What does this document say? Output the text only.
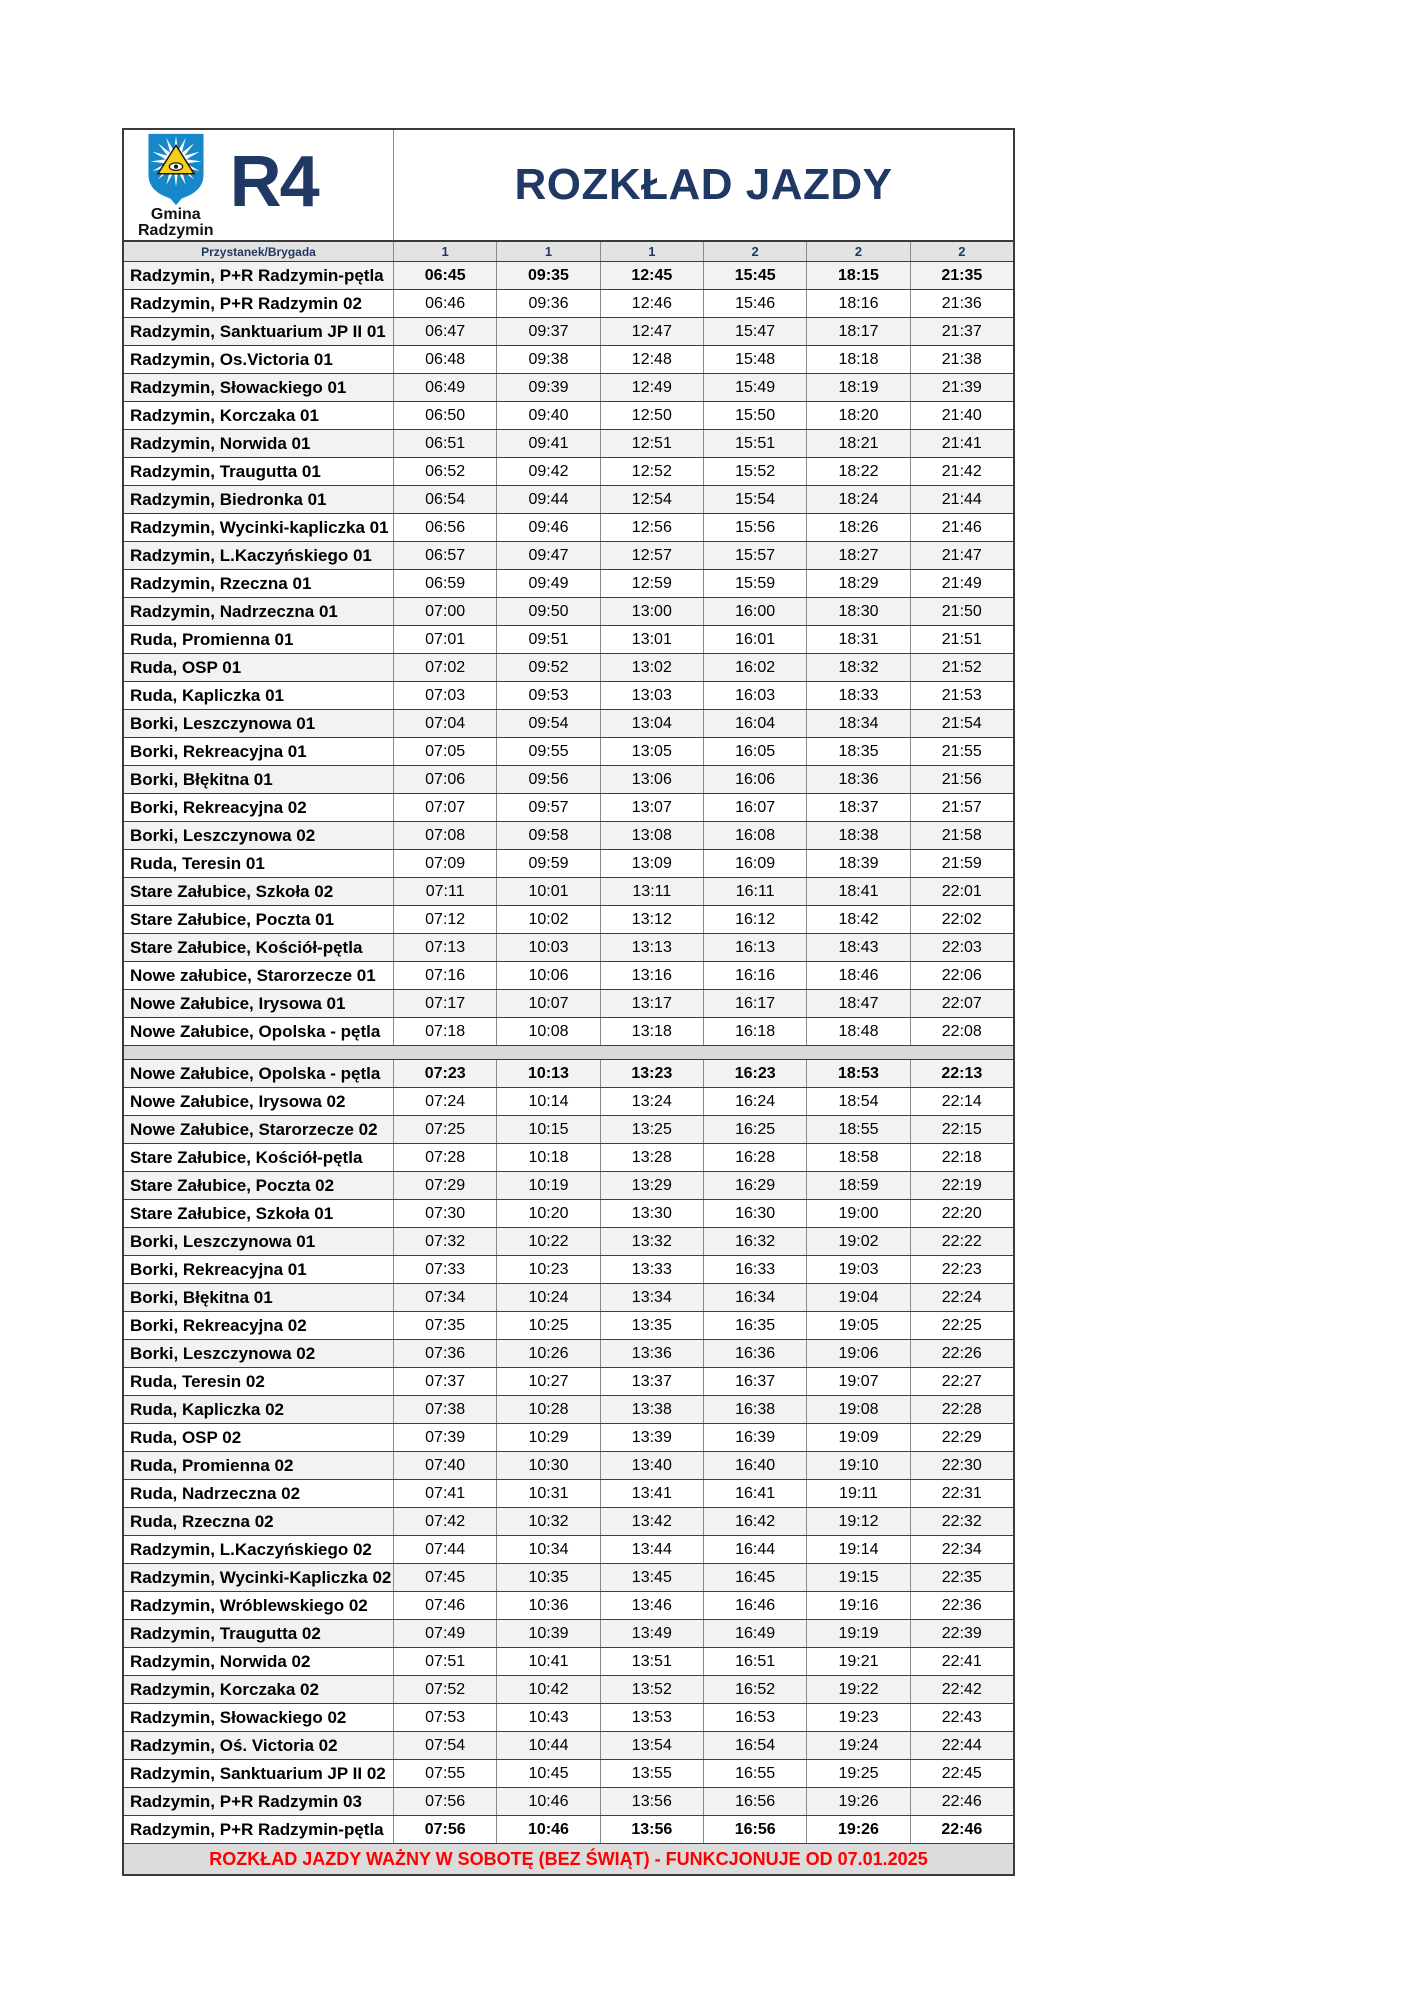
Gmina
Radzymin
R4	ROZKŁAD JAZDY
Przystanek/Brygada	1	1	1	2	2	2
Radzymin, P+R Radzymin-pętla	06:45	09:35	12:45	15:45	18:15	21:35
Radzymin, P+R Radzymin 02	06:46	09:36	12:46	15:46	18:16	21:36
Radzymin, Sanktuarium JP II 01	06:47	09:37	12:47	15:47	18:17	21:37
Radzymin, Os.Victoria 01	06:48	09:38	12:48	15:48	18:18	21:38
Radzymin, Słowackiego 01	06:49	09:39	12:49	15:49	18:19	21:39
Radzymin, Korczaka 01	06:50	09:40	12:50	15:50	18:20	21:40
Radzymin, Norwida 01	06:51	09:41	12:51	15:51	18:21	21:41
Radzymin, Traugutta 01	06:52	09:42	12:52	15:52	18:22	21:42
Radzymin, Biedronka 01	06:54	09:44	12:54	15:54	18:24	21:44
Radzymin, Wycinki-kapliczka 01	06:56	09:46	12:56	15:56	18:26	21:46
Radzymin, L.Kaczyńskiego 01	06:57	09:47	12:57	15:57	18:27	21:47
Radzymin, Rzeczna 01	06:59	09:49	12:59	15:59	18:29	21:49
Radzymin, Nadrzeczna 01	07:00	09:50	13:00	16:00	18:30	21:50
Ruda, Promienna 01	07:01	09:51	13:01	16:01	18:31	21:51
Ruda, OSP 01	07:02	09:52	13:02	16:02	18:32	21:52
Ruda, Kapliczka 01	07:03	09:53	13:03	16:03	18:33	21:53
Borki, Leszczynowa 01	07:04	09:54	13:04	16:04	18:34	21:54
Borki, Rekreacyjna 01	07:05	09:55	13:05	16:05	18:35	21:55
Borki, Błękitna 01	07:06	09:56	13:06	16:06	18:36	21:56
Borki, Rekreacyjna 02	07:07	09:57	13:07	16:07	18:37	21:57
Borki, Leszczynowa 02	07:08	09:58	13:08	16:08	18:38	21:58
Ruda, Teresin 01	07:09	09:59	13:09	16:09	18:39	21:59
Stare Załubice, Szkoła 02	07:11	10:01	13:11	16:11	18:41	22:01
Stare Załubice, Poczta 01	07:12	10:02	13:12	16:12	18:42	22:02
Stare Załubice, Kościół-pętla	07:13	10:03	13:13	16:13	18:43	22:03
Nowe załubice, Starorzecze 01	07:16	10:06	13:16	16:16	18:46	22:06
Nowe Załubice, Irysowa 01	07:17	10:07	13:17	16:17	18:47	22:07
Nowe Załubice, Opolska - pętla	07:18	10:08	13:18	16:18	18:48	22:08
Nowe Załubice, Opolska - pętla	07:23	10:13	13:23	16:23	18:53	22:13
Nowe Załubice, Irysowa 02	07:24	10:14	13:24	16:24	18:54	22:14
Nowe Załubice, Starorzecze 02	07:25	10:15	13:25	16:25	18:55	22:15
Stare Załubice, Kościół-pętla	07:28	10:18	13:28	16:28	18:58	22:18
Stare Załubice, Poczta 02	07:29	10:19	13:29	16:29	18:59	22:19
Stare Załubice, Szkoła 01	07:30	10:20	13:30	16:30	19:00	22:20
Borki, Leszczynowa 01	07:32	10:22	13:32	16:32	19:02	22:22
Borki, Rekreacyjna 01	07:33	10:23	13:33	16:33	19:03	22:23
Borki, Błękitna 01	07:34	10:24	13:34	16:34	19:04	22:24
Borki, Rekreacyjna 02	07:35	10:25	13:35	16:35	19:05	22:25
Borki, Leszczynowa 02	07:36	10:26	13:36	16:36	19:06	22:26
Ruda, Teresin 02	07:37	10:27	13:37	16:37	19:07	22:27
Ruda, Kapliczka 02	07:38	10:28	13:38	16:38	19:08	22:28
Ruda, OSP 02	07:39	10:29	13:39	16:39	19:09	22:29
Ruda, Promienna 02	07:40	10:30	13:40	16:40	19:10	22:30
Ruda, Nadrzeczna 02	07:41	10:31	13:41	16:41	19:11	22:31
Ruda, Rzeczna 02	07:42	10:32	13:42	16:42	19:12	22:32
Radzymin, L.Kaczyńskiego 02	07:44	10:34	13:44	16:44	19:14	22:34
Radzymin, Wycinki-Kapliczka 02	07:45	10:35	13:45	16:45	19:15	22:35
Radzymin, Wróblewskiego 02	07:46	10:36	13:46	16:46	19:16	22:36
Radzymin, Traugutta 02	07:49	10:39	13:49	16:49	19:19	22:39
Radzymin, Norwida 02	07:51	10:41	13:51	16:51	19:21	22:41
Radzymin, Korczaka 02	07:52	10:42	13:52	16:52	19:22	22:42
Radzymin, Słowackiego 02	07:53	10:43	13:53	16:53	19:23	22:43
Radzymin, Oś. Victoria 02	07:54	10:44	13:54	16:54	19:24	22:44
Radzymin, Sanktuarium JP II 02	07:55	10:45	13:55	16:55	19:25	22:45
Radzymin, P+R Radzymin 03	07:56	10:46	13:56	16:56	19:26	22:46
Radzymin, P+R Radzymin-pętla	07:56	10:46	13:56	16:56	19:26	22:46
ROZKŁAD JAZDY WAŻNY W SOBOTĘ (BEZ ŚWIĄT) - FUNKCJONUJE OD 07.01.2025
